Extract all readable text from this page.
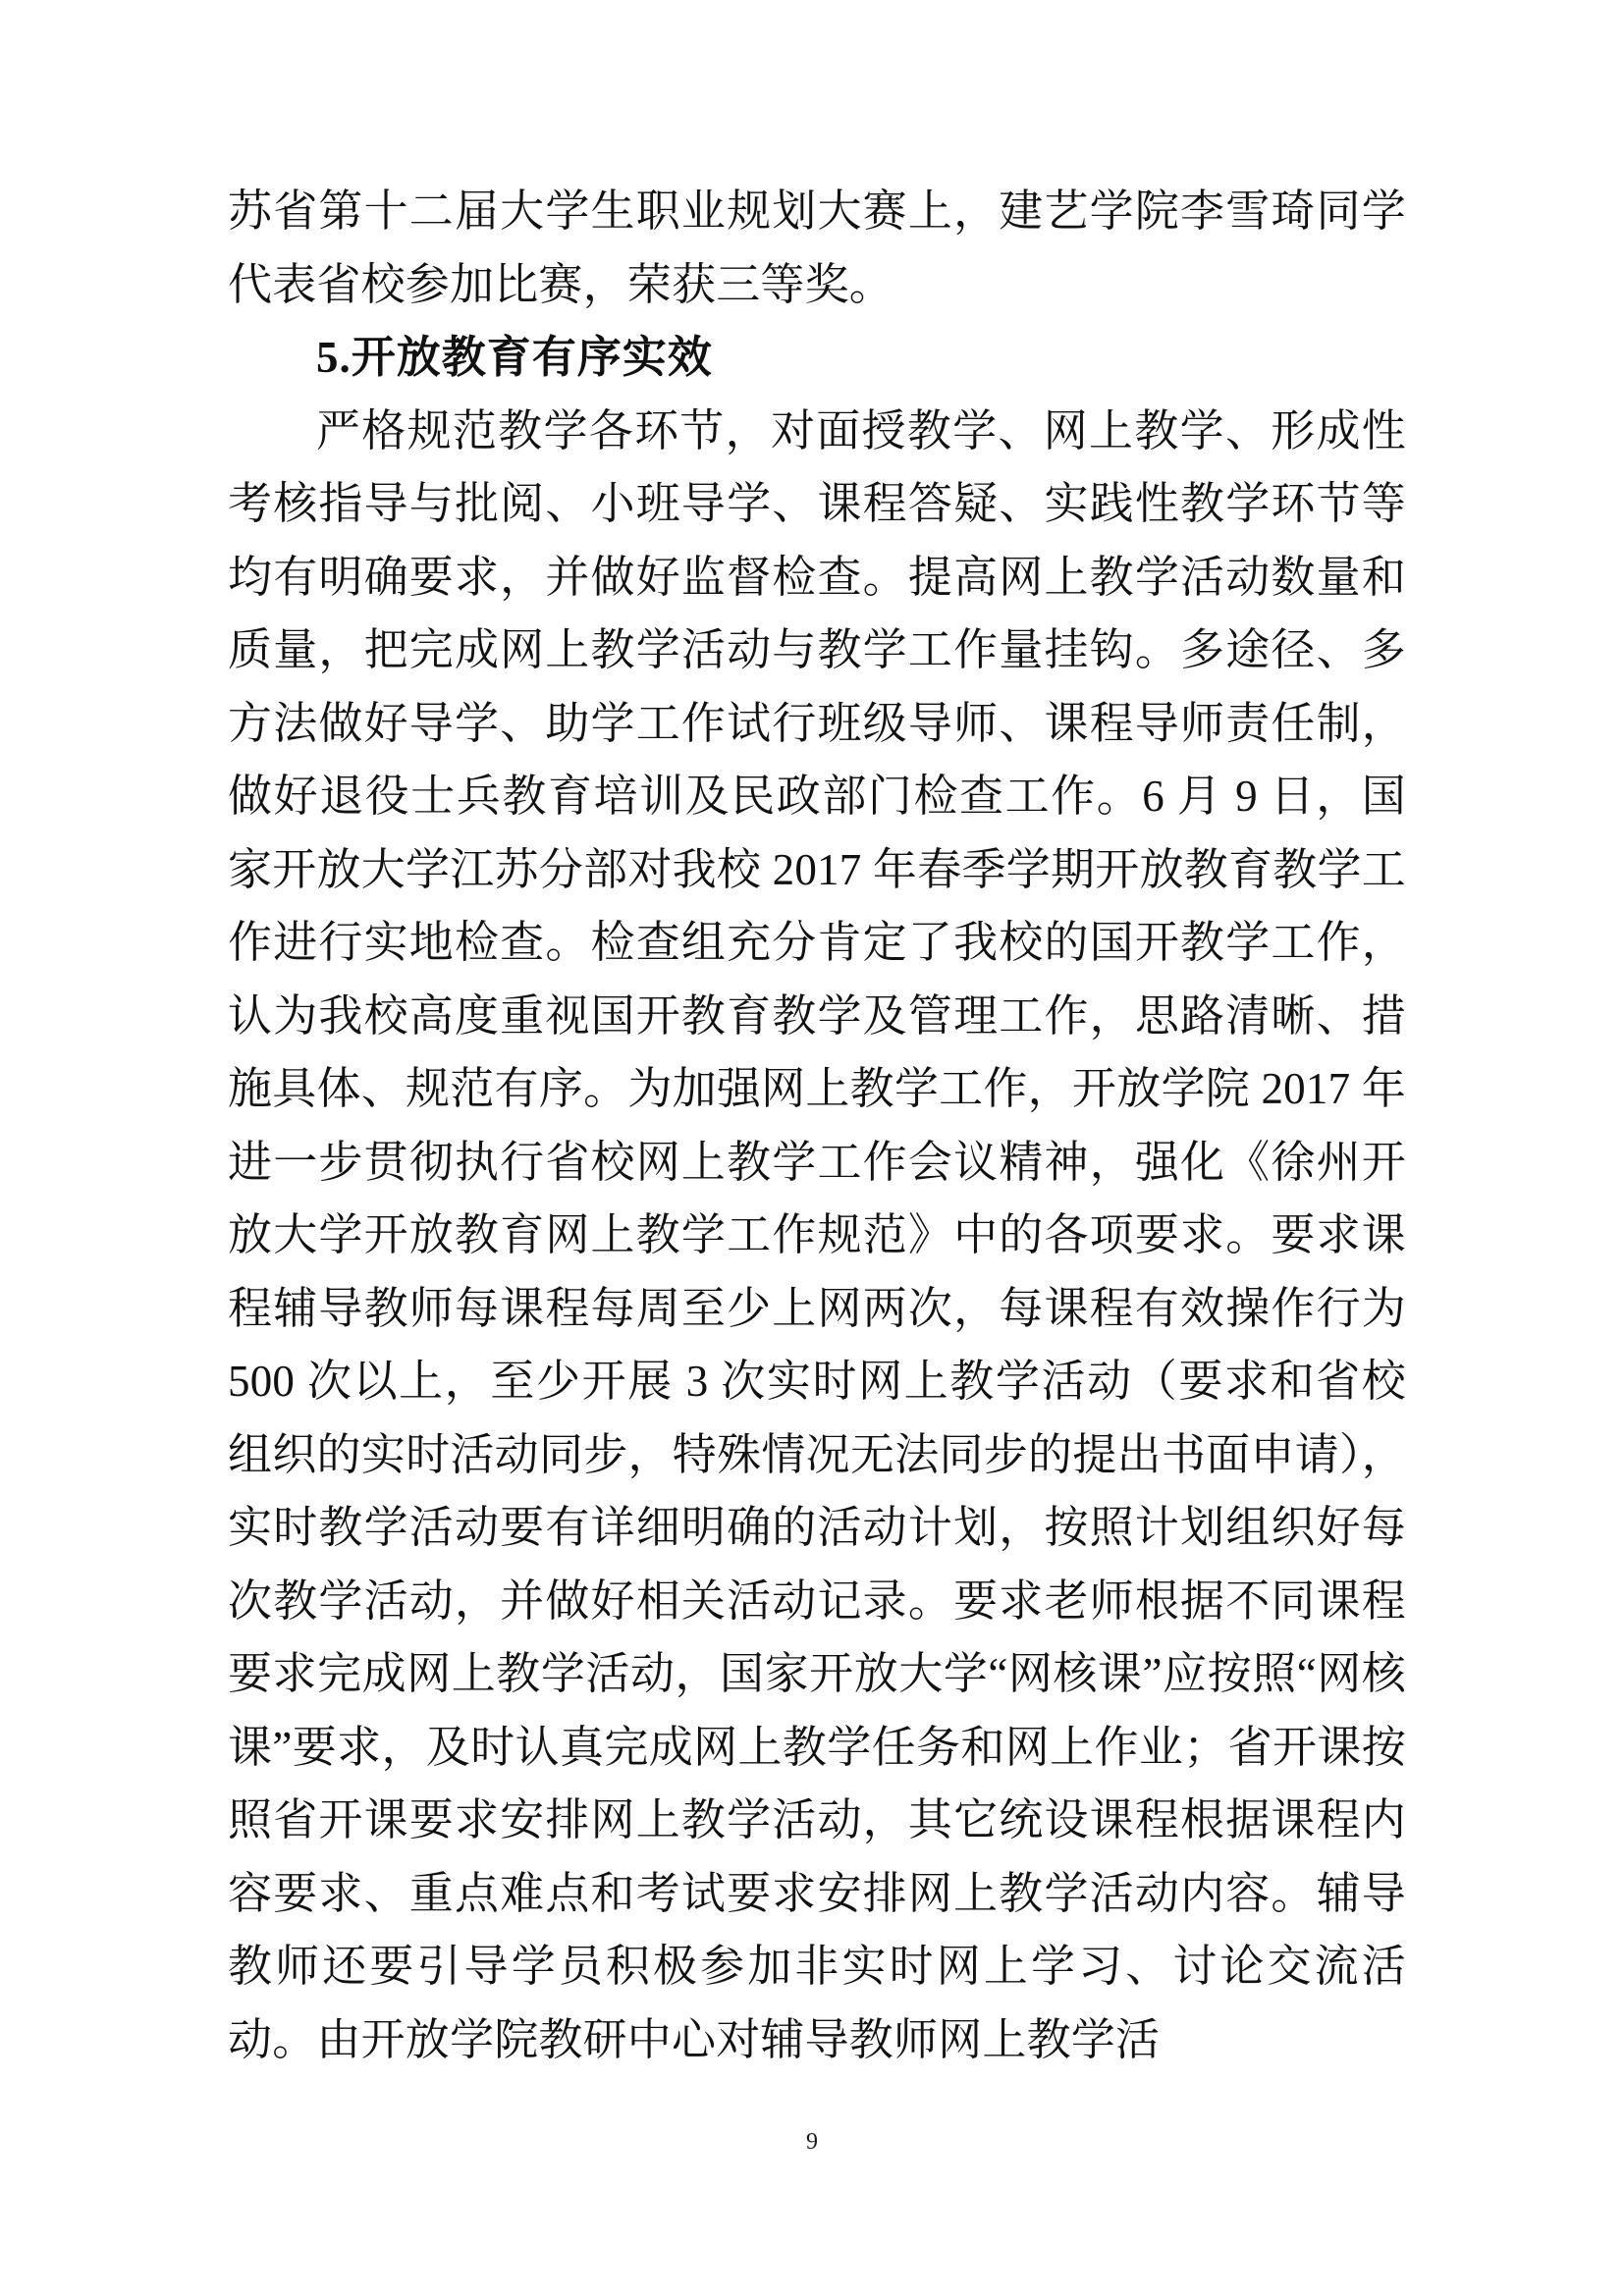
苏省第十二届大学生职业规划大赛上，建艺学院李雪琦同学代表省校参加比赛，荣获三等奖。

5.开放教育有序实效

严格规范教学各环节，对面授教学、网上教学、形成性考核指导与批阅、小班导学、课程答疑、实践性教学环节等均有明确要求，并做好监督检查。提高网上教学活动数量和质量，把完成网上教学活动与教学工作量挂钩。多途径、多方法做好导学、助学工作试行班级导师、课程导师责任制，做好退役士兵教育培训及民政部门检查工作。6 月 9 日，国家开放大学江苏分部对我校 2017 年春季学期开放教育教学工作进行实地检查。检查组充分肯定了我校的国开教学工作，认为我校高度重视国开教育教学及管理工作，思路清晰、措施具体、规范有序。为加强网上教学工作，开放学院 2017 年进一步贯彻执行省校网上教学工作会议精神，强化《徐州开放大学开放教育网上教学工作规范》中的各项要求。要求课程辅导教师每课程每周至少上网两次，每课程有效操作行为 500 次以上，至少开展 3 次实时网上教学活动（要求和省校组织的实时活动同步，特殊情况无法同步的提出书面申请），实时教学活动要有详细明确的活动计划，按照计划组织好每次教学活动，并做好相关活动记录。要求老师根据不同课程要求完成网上教学活动，国家开放大学“网核课”应按照“网核课”要求，及时认真完成网上教学任务和网上作业；省开课按照省开课要求安排网上教学活动，其它统设课程根据课程内容要求、重点难点和考试要求安排网上教学活动内容。辅导教师还要引导学员积极参加非实时网上学习、讨论交流活动。由开放学院教研中心对辅导教师网上教学活

9
